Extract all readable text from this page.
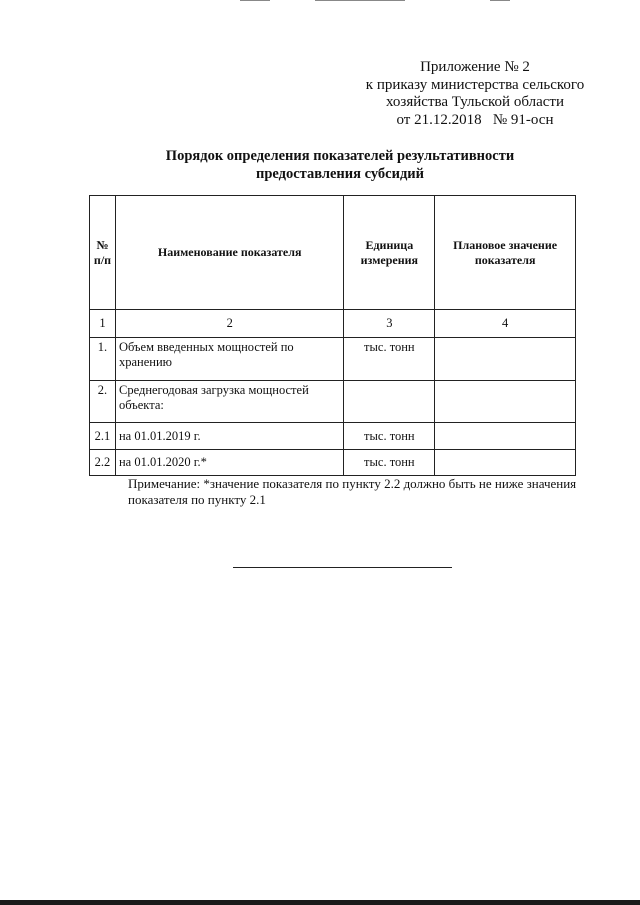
Приложение № 2
к приказу министерства сельского
хозяйства Тульской области
от 21.12.2018   № 91-осн
Порядок определения показателей результативности
предоставления субсидий
№ п/п	Наименование показателя	Единица измерения	Плановое значение показателя
1	2	3	4
1.	Объем введенных мощностей по хранению	тыс. тонн	
2.	Среднегодовая загрузка мощностей объекта:		
2.1	на 01.01.2019 г.	тыс. тонн	
2.2	на 01.01.2020 г.*	тыс. тонн	
Примечание: *значение показателя по пункту 2.2 должно быть не ниже значения показателя по пункту 2.1
